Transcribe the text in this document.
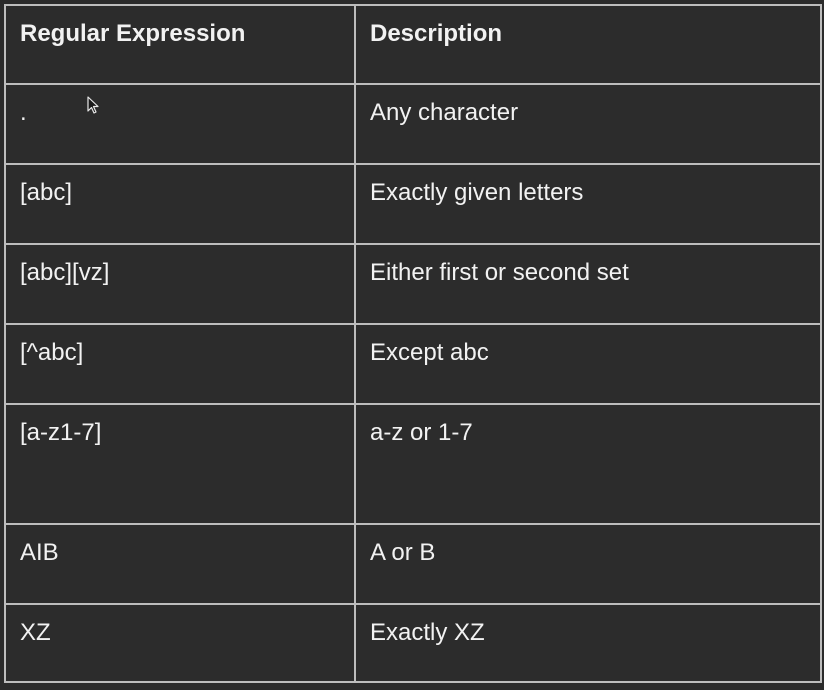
Regular Expression	Description
.	Any character
[abc]	Exactly given letters
[abc][vz]	Either first or second set
[^abc]	Except abc
[a-z1-7]	a-z or 1-7
AIB	A or B
XZ	Exactly XZ
